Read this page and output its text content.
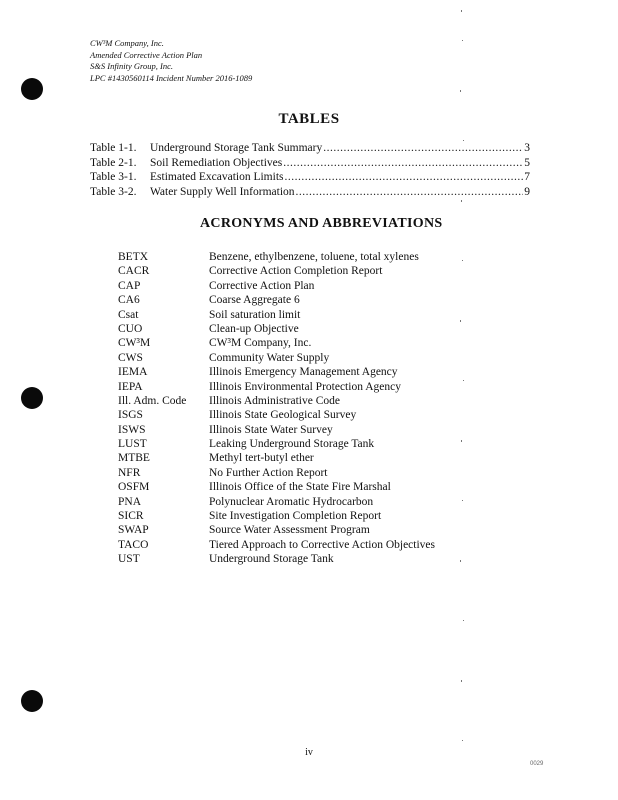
CW³M Company, Inc.
Amended Corrective Action Plan
S&S Infinity Group, Inc.
LPC #1430560114 Incident Number 2016-1089
TABLES
Table 1-1.	Underground Storage Tank Summary .....	3
Table 2-1.	Soil Remediation Objectives .....	5
Table 3-1.	Estimated Excavation Limits .....	7
Table 3-2.	Water Supply Well Information .....	9
ACRONYMS AND ABBREVIATIONS
BETX	Benzene, ethylbenzene, toluene, total xylenes
CACR	Corrective Action Completion Report
CAP	Corrective Action Plan
CA6	Coarse Aggregate 6
Csat	Soil saturation limit
CUO	Clean-up Objective
CW³M	CW³M Company, Inc.
CWS	Community Water Supply
IEMA	Illinois Emergency Management Agency
IEPA	Illinois Environmental Protection Agency
Ill. Adm. Code	Illinois Administrative Code
ISGS	Illinois State Geological Survey
ISWS	Illinois State Water Survey
LUST	Leaking Underground Storage Tank
MTBE	Methyl tert-butyl ether
NFR	No Further Action Report
OSFM	Illinois Office of the State Fire Marshal
PNA	Polynuclear Aromatic Hydrocarbon
SICR	Site Investigation Completion Report
SWAP	Source Water Assessment Program
TACO	Tiered Approach to Corrective Action Objectives
UST	Underground Storage Tank
iv
0029
